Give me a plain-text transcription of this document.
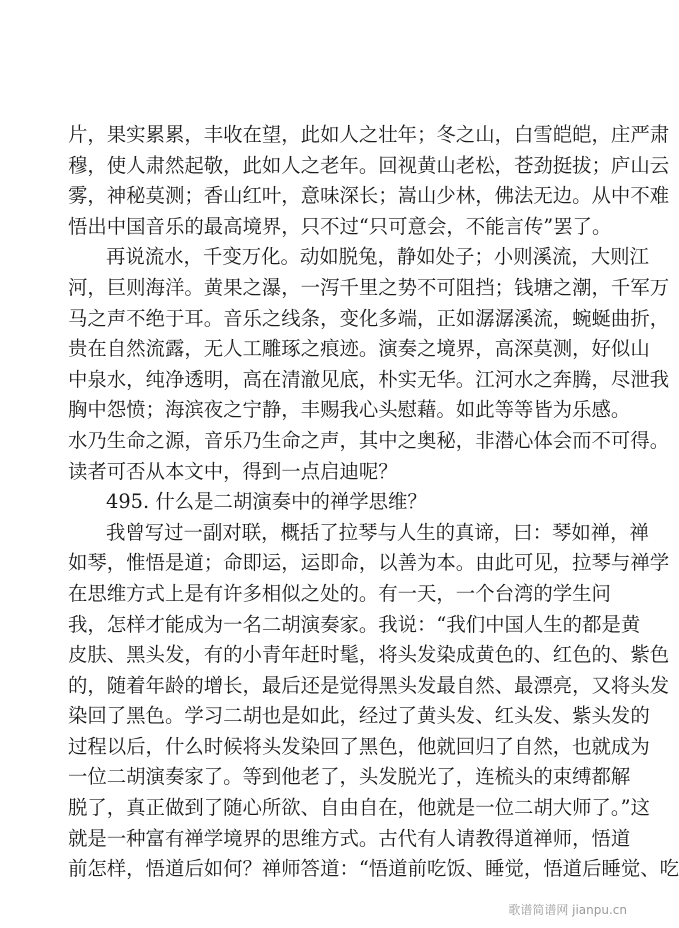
片，果实累累，丰收在望，此如人之壮年；冬之山，白雪皑皑，庄严肃
穆，使人肃然起敬，此如人之老年。回视黄山老松，苍劲挺拔；庐山云
雾，神秘莫测；香山红叶，意味深长；嵩山少林，佛法无边。从中不难
悟出中国音乐的最高境界，只不过“只可意会，不能言传”罢了。
再说流水，千变万化。动如脱兔，静如处子；小则溪流，大则江
河，巨则海洋。黄果之瀑，一泻千里之势不可阻挡；钱塘之潮，千军万
马之声不绝于耳。音乐之线条，变化多端，正如潺潺溪流，蜿蜒曲折，
贵在自然流露，无人工雕琢之痕迹。演奏之境界，高深莫测，好似山
中泉水，纯净透明，高在清澈见底，朴实无华。江河水之奔腾，尽泄我
胸中怨愤；海滨夜之宁静，丰赐我心头慰藉。如此等等皆为乐感。
水乃生命之源，音乐乃生命之声，其中之奥秘，非潜心体会而不可得。
读者可否从本文中，得到一点启迪呢？
495. 什么是二胡演奏中的禅学思维？
我曾写过一副对联，概括了拉琴与人生的真谛，曰：琴如禅，禅
如琴，惟悟是道；命即运，运即命，以善为本。由此可见，拉琴与禅学
在思维方式上是有许多相似之处的。有一天，一个台湾的学生问
我，怎样才能成为一名二胡演奏家。我说：“我们中国人生的都是黄
皮肤、黑头发，有的小青年赶时髦，将头发染成黄色的、红色的、紫色
的，随着年龄的增长，最后还是觉得黑头发最自然、最漂亮，又将头发
染回了黑色。学习二胡也是如此，经过了黄头发、红头发、紫头发的
过程以后，什么时候将头发染回了黑色，他就回归了自然，也就成为
一位二胡演奏家了。等到他老了，头发脱光了，连梳头的束缚都解
脱了，真正做到了随心所欲、自由自在，他就是一位二胡大师了。”这
就是一种富有禅学境界的思维方式。古代有人请教得道禅师，悟道
前怎样，悟道后如何？禅师答道：“悟道前吃饭、睡觉，悟道后睡觉、吃
歌谱简谱网 jianpu.cn
